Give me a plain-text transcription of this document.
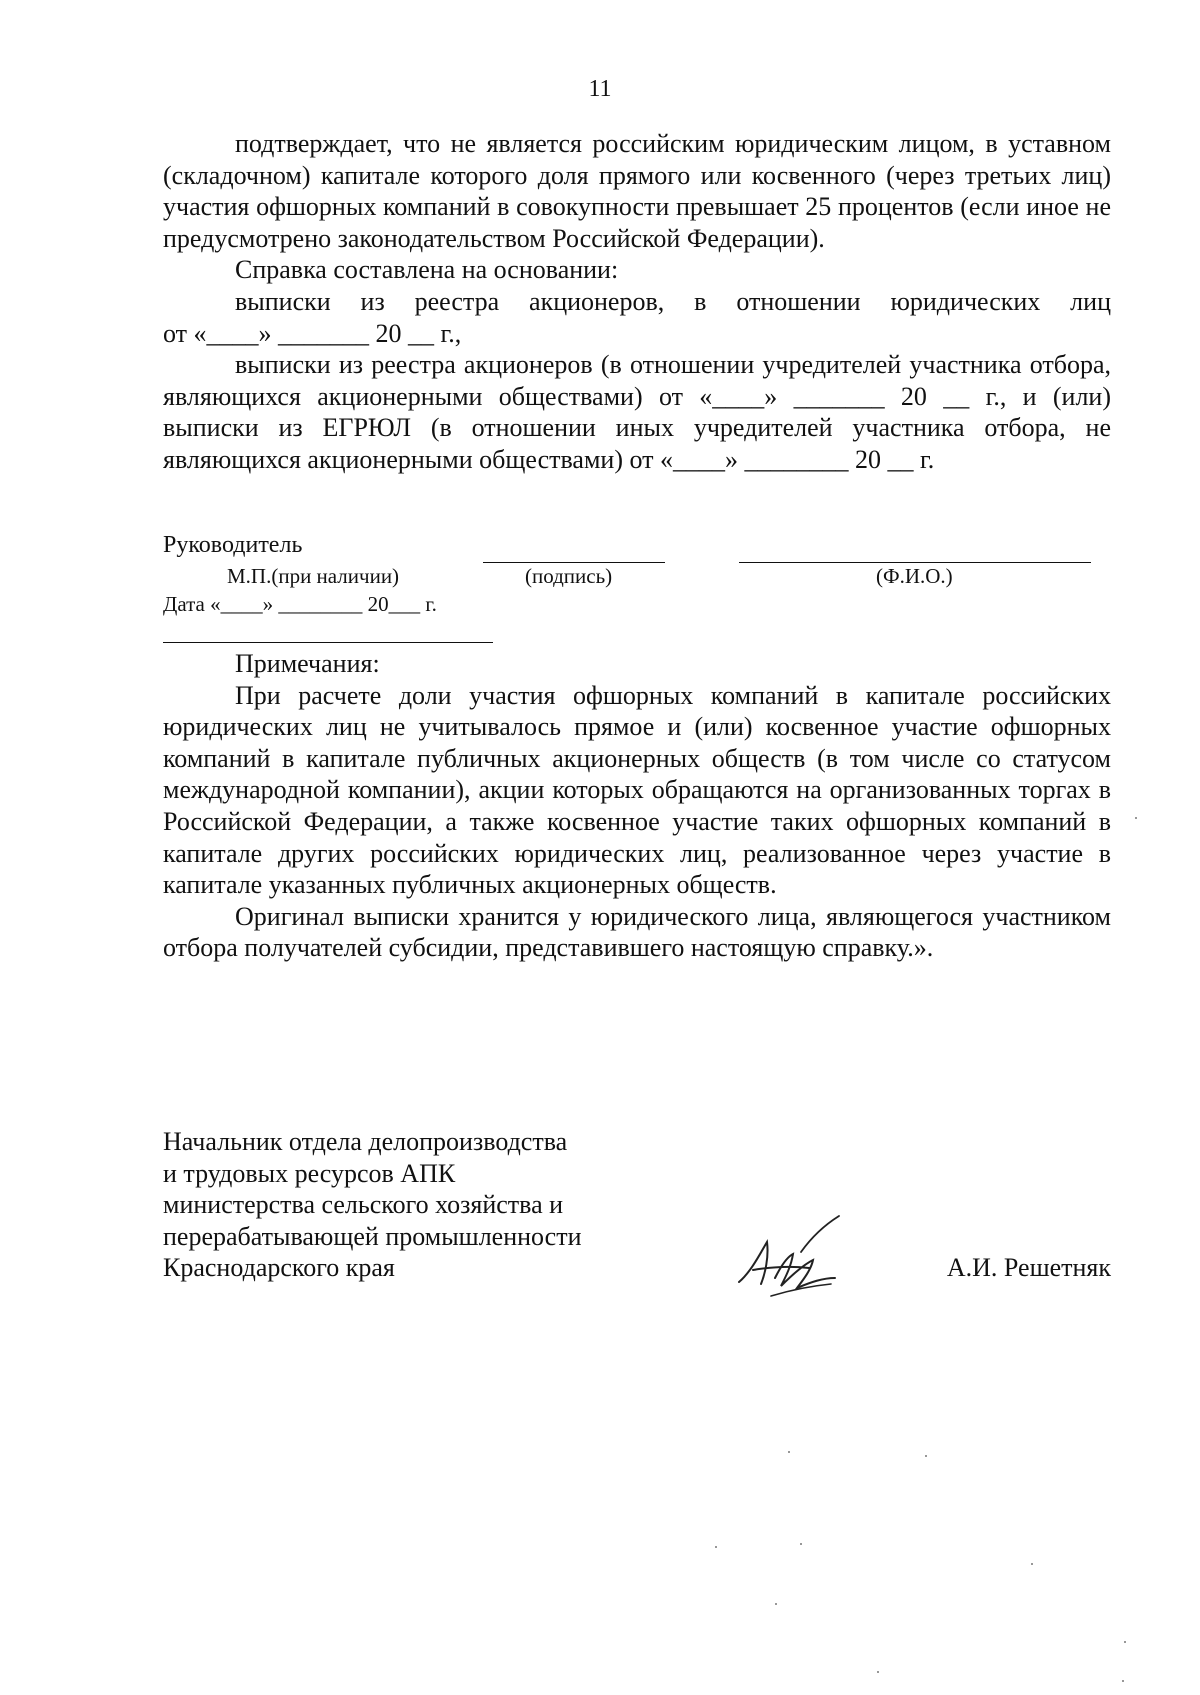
11

подтверждает, что не является российским юридическим лицом, в уставном (складочном) капитале которого доля прямого или косвенного (через третьих лиц) участия офшорных компаний в совокупности превышает 25 процентов (если иное не предусмотрено законодательством Российской Федерации).

Справка составлена на основании:

выписки из реестра акционеров, в отношении юридических лиц

от «____» _______ 20 __ г.,

выписки из реестра акционеров (в отношении учредителей участника отбора, являющихся акционерными обществами) от «____» _______ 20 __ г., и (или) выписки из ЕГРЮЛ (в отношении иных учредителей участника отбора, не являющихся акционерными обществами) от «____» ________ 20 __ г.

Руководитель
М.П.(при наличии)	(подпись)	(Ф.И.О.)
Дата «____» ________ 20___ г.

Примечания:

При расчете доли участия офшорных компаний в капитале российских юридических лиц не учитывалось прямое и (или) косвенное участие офшорных компаний в капитале публичных акционерных обществ (в том числе со статусом международной компании), акции которых обращаются на организованных торгах в Российской Федерации, а также косвенное участие таких офшорных компаний в капитале других российских юридических лиц, реализованное через участие в капитале указанных публичных акционерных обществ.

Оригинал выписки хранится у юридического лица, являющегося участником отбора получателей субсидии, представившего настоящую справку.».

Начальник отдела делопроизводства
и трудовых ресурсов АПК
министерства сельского хозяйства и
перерабатывающей промышленности
Краснодарского края	А.И. Решетняк
